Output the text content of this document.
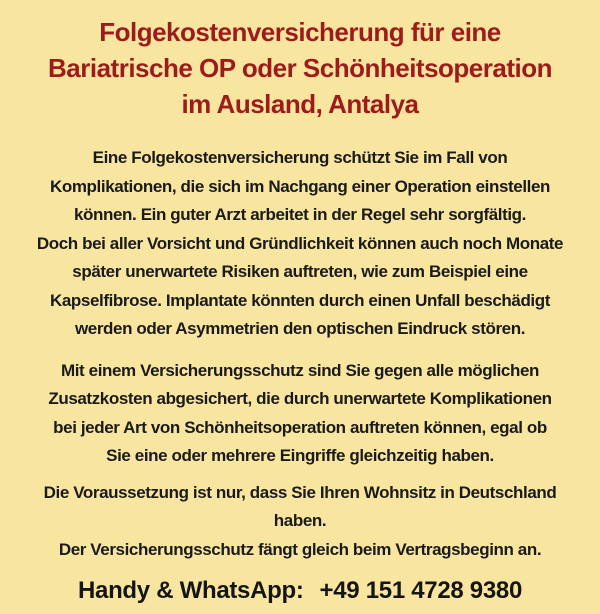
Folgekostenversicherung für eine
Bariatrische OP oder Schönheitsoperation
im Ausland, Antalya
Eine Folgekostenversicherung schützt Sie im Fall von
Komplikationen, die sich im Nachgang einer Operation einstellen
können. Ein guter Arzt arbeitet in der Regel sehr sorgfältig.
Doch bei aller Vorsicht und Gründlichkeit können auch noch Monate
später unerwartete Risiken auftreten, wie zum Beispiel eine
Kapselfibrose. Implantate könnten durch einen Unfall beschädigt
werden oder Asymmetrien den optischen Eindruck stören.
Mit einem Versicherungsschutz sind Sie gegen alle möglichen
Zusatzkosten abgesichert, die durch unerwartete Komplikationen
bei jeder Art von Schönheitsoperation auftreten können, egal ob
Sie eine oder mehrere Eingriffe gleichzeitig haben.
Die Voraussetzung ist nur, dass Sie Ihren Wohnsitz in Deutschland
haben.
Der Versicherungsschutz fängt gleich beim Vertragsbeginn an.
Handy & WhatsApp: +49 151 4728 9380
